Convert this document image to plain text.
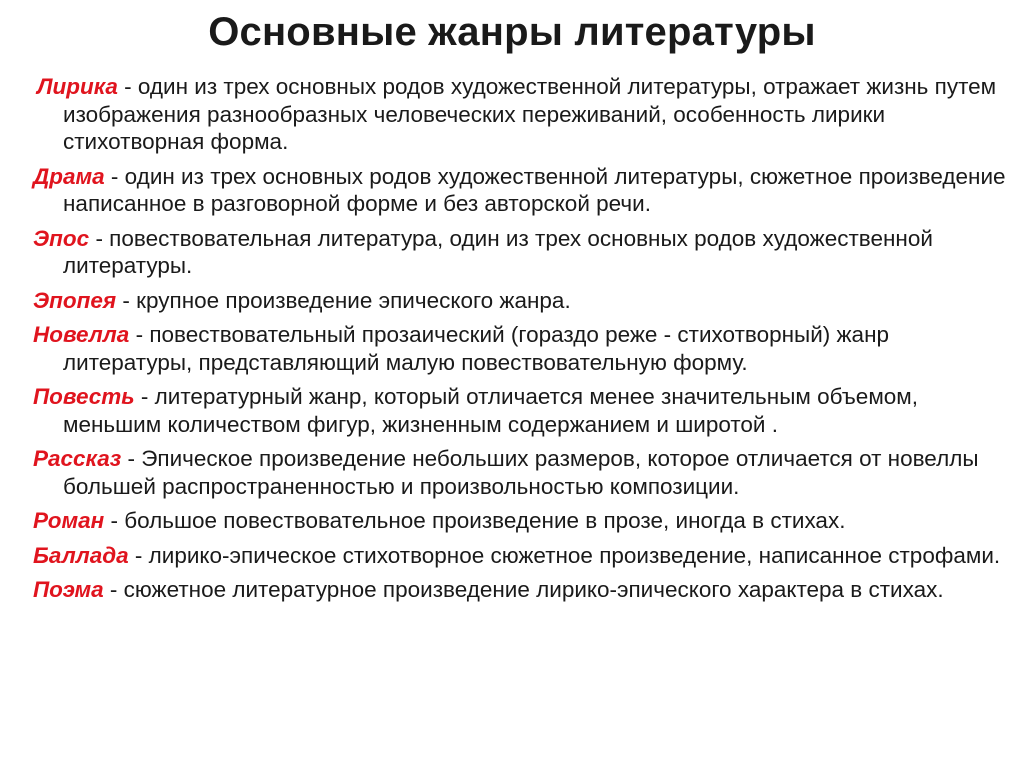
Основные жанры литературы
Лирика - один из трех основных родов художественной литературы, отражает жизнь путем изображения разнообразных человеческих переживаний, особенность лирики стихотворная форма.
Драма - один из трех основных родов художественной литературы, сюжетное произведение написанное в разговорной форме и без авторской речи.
Эпос - повествовательная литература, один из трех основных родов художественной литературы.
Эпопея - крупное произведение эпического жанра.
Новелла - повествовательный прозаический (гораздо реже - стихотворный) жанр литературы, представляющий малую повествовательную форму.
Повесть - литературный жанр, который отличается менее значительным объемом, меньшим количеством фигур, жизненным содержанием и широтой .
Рассказ - Эпическое произведение небольших размеров, которое отличается от новеллы большей распространенностью и произвольностью композиции.
Роман - большое повествовательное произведение в прозе, иногда в стихах.
Баллада - лирико-эпическое стихотворное сюжетное произведение, написанное строфами.
Поэма - сюжетное литературное произведение лирико-эпического характера в стихах.
